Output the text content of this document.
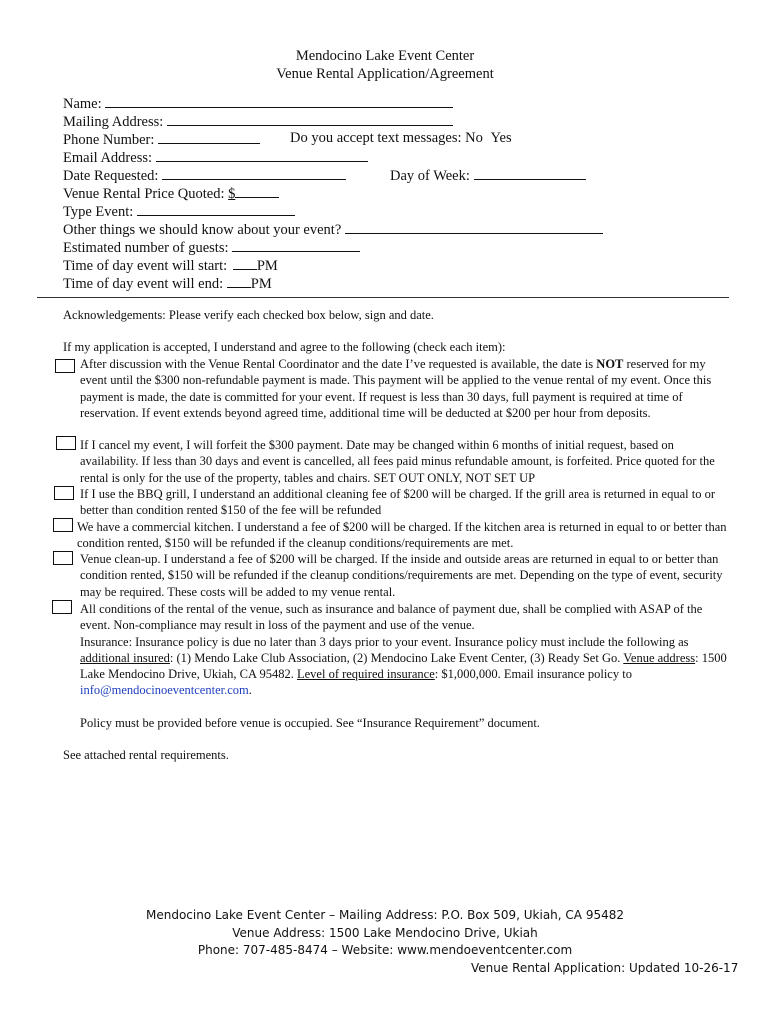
Mendocino Lake Event Center
Venue Rental Application/Agreement
Name:
Mailing Address:
Phone Number:	Do you accept text messages: No Yes
Email Address:
Date Requested:	Day of Week:
Venue Rental Price Quoted: $
Type Event:
Other things we should know about your event?
Estimated number of guests:
Time of day event will start: PM
Time of day event will end: PM
Acknowledgements: Please verify each checked box below, sign and date.
If my application is accepted, I understand and agree to the following (check each item):
After discussion with the Venue Rental Coordinator and the date I’ve requested is available, the date is NOT reserved for my event until the $300 non-refundable payment is made. This payment will be applied to the venue rental of my event. Once this payment is made, the date is committed for your event. If request is less than 30 days, full payment is required at time of reservation. If event extends beyond agreed time, additional time will be deducted at $200 per hour from deposits.
If I cancel my event, I will forfeit the $300 payment. Date may be changed within 6 months of initial request, based on availability. If less than 30 days and event is cancelled, all fees paid minus refundable amount, is forfeited. Price quoted for the rental is only for the use of the property, tables and chairs. SET OUT ONLY, NOT SET UP
If I use the BBQ grill, I understand an additional cleaning fee of $200 will be charged. If the grill area is returned in equal to or better than condition rented $150 of the fee will be refunded
We have a commercial kitchen. I understand a fee of $200 will be charged. If the kitchen area is returned in equal to or better than condition rented, $150 will be refunded if the cleanup conditions/requirements are met.
Venue clean-up. I understand a fee of $200 will be charged. If the inside and outside areas are returned in equal to or better than condition rented, $150 will be refunded if the cleanup conditions/requirements are met. Depending on the type of event, security may be required. These costs will be added to my venue rental.
All conditions of the rental of the venue, such as insurance and balance of payment due, shall be complied with ASAP of the event. Non-compliance may result in loss of the payment and use of the venue.
Insurance: Insurance policy is due no later than 3 days prior to your event. Insurance policy must include the following as additional insured: (1) Mendo Lake Club Association, (2) Mendocino Lake Event Center, (3) Ready Set Go. Venue address: 1500 Lake Mendocino Drive, Ukiah, CA 95482. Level of required insurance: $1,000,000. Email insurance policy to info@mendocinoeventcenter.com.
Policy must be provided before venue is occupied. See “Insurance Requirement” document.
See attached rental requirements.
Mendocino Lake Event Center – Mailing Address: P.O. Box 509, Ukiah, CA 95482
Venue Address: 1500 Lake Mendocino Drive, Ukiah
Phone: 707-485-8474 – Website: www.mendoeventcenter.com
Venue Rental Application: Updated 10-26-17
